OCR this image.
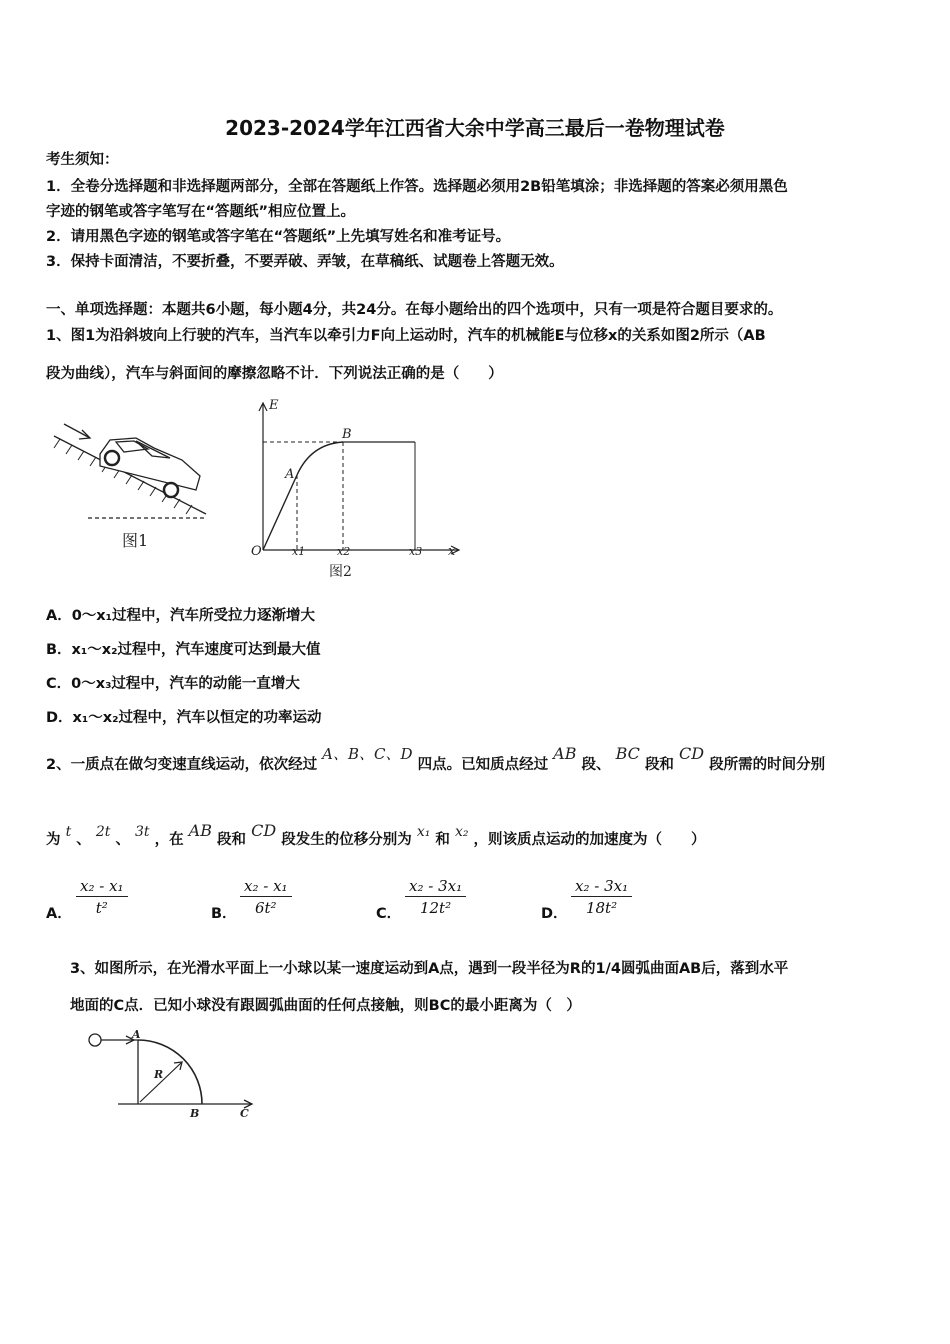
2023-2024学年江西省大余中学高三最后一卷物理试卷
考生须知：
1．全卷分选择题和非选择题两部分，全部在答题纸上作答。选择题必须用2B铅笔填涂；非选择题的答案必须用黑色
字迹的钢笔或答字笔写在“答题纸”相应位置上。
2．请用黑色字迹的钢笔或答字笔在“答题纸”上先填写姓名和准考证号。
3．保持卡面清洁，不要折叠，不要弄破、弄皱，在草稿纸、试题卷上答题无效。
一、单项选择题：本题共6小题，每小题4分，共24分。在每小题给出的四个选项中，只有一项是符合题目要求的。
1、图1为沿斜坡向上行驶的汽车，当汽车以牵引力F向上运动时，汽车的机械能E与位移x的关系如图2所示（AB
段为曲线），汽车与斜面间的摩擦忽略不计．下列说法正确的是（　　）
图1
E
O
A
B
x1	x2	x3 x
图2
A．0～x₁过程中，汽车所受拉力逐渐增大
B．x₁～x₂过程中，汽车速度可达到最大值
C．0～x₃过程中，汽车的动能一直增大
D．x₁～x₂过程中，汽车以恒定的功率运动
2、一质点在做匀变速直线运动，依次经过 A、B、C、D 四点。已知质点经过 AB 段、 BC 段和 CD 段所需的时间分别
为 t 、 2t 、 3t ，在 AB 段和 CD 段发生的位移分别为 x₁ 和 x₂ ，则该质点运动的加速度为（　　）
A． $\frac{\text{x₂ - x₁}}{\text{t²}}$	B． $\frac{\text{x₂ - x₁}}{\text{6t²}}$	C． $\frac{\text{x₂ - 3x₁}}{\text{12t²}}$	D． $\frac{\text{x₂ - 3x₁}}{\text{18t²}}$
3、如图所示，在光滑水平面上一小球以某一速度运动到A点，遇到一段半径为R的1/4圆弧曲面AB后，落到水平
地面的C点．已知小球没有跟圆弧曲面的任何点接触，则BC的最小距离为（　）
A
R
B	C
